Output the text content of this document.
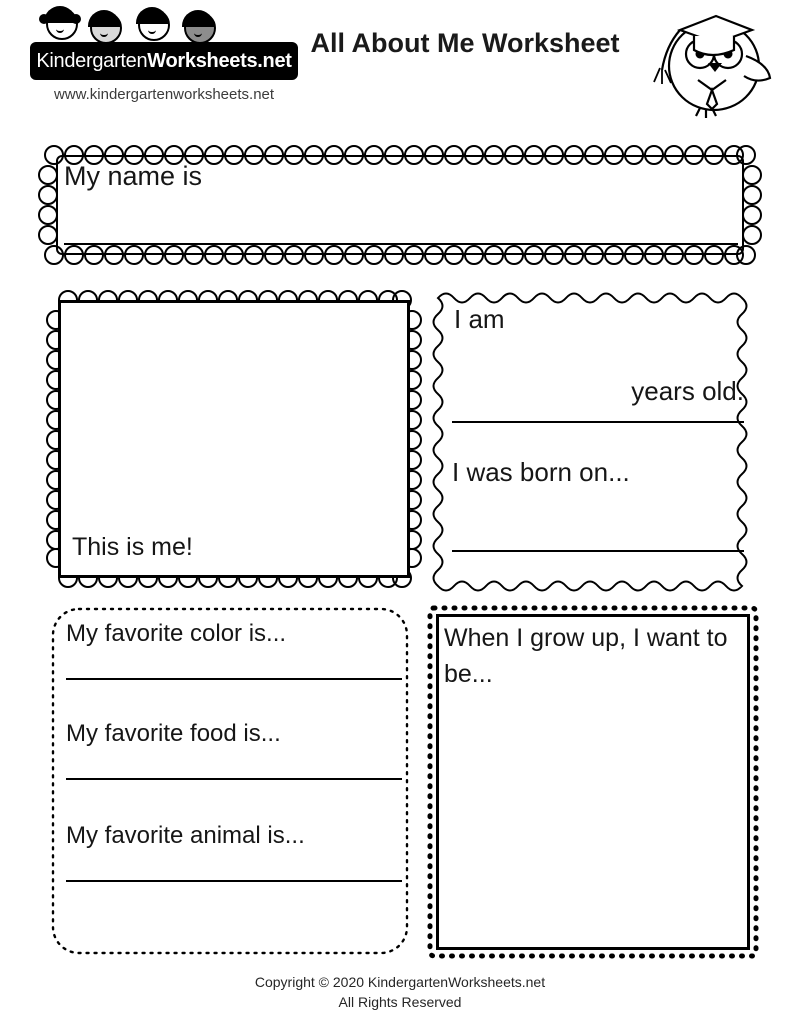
KindergartenWorksheets.net
www.kindergartenworksheets.net
All About Me Worksheet
My name is
This is me!
I am
years old.
I was born on...
My favorite color is...
My favorite food is...
My favorite animal is...
When I grow up, I want to be...
Copyright © 2020 KindergartenWorksheets.net
All Rights Reserved
